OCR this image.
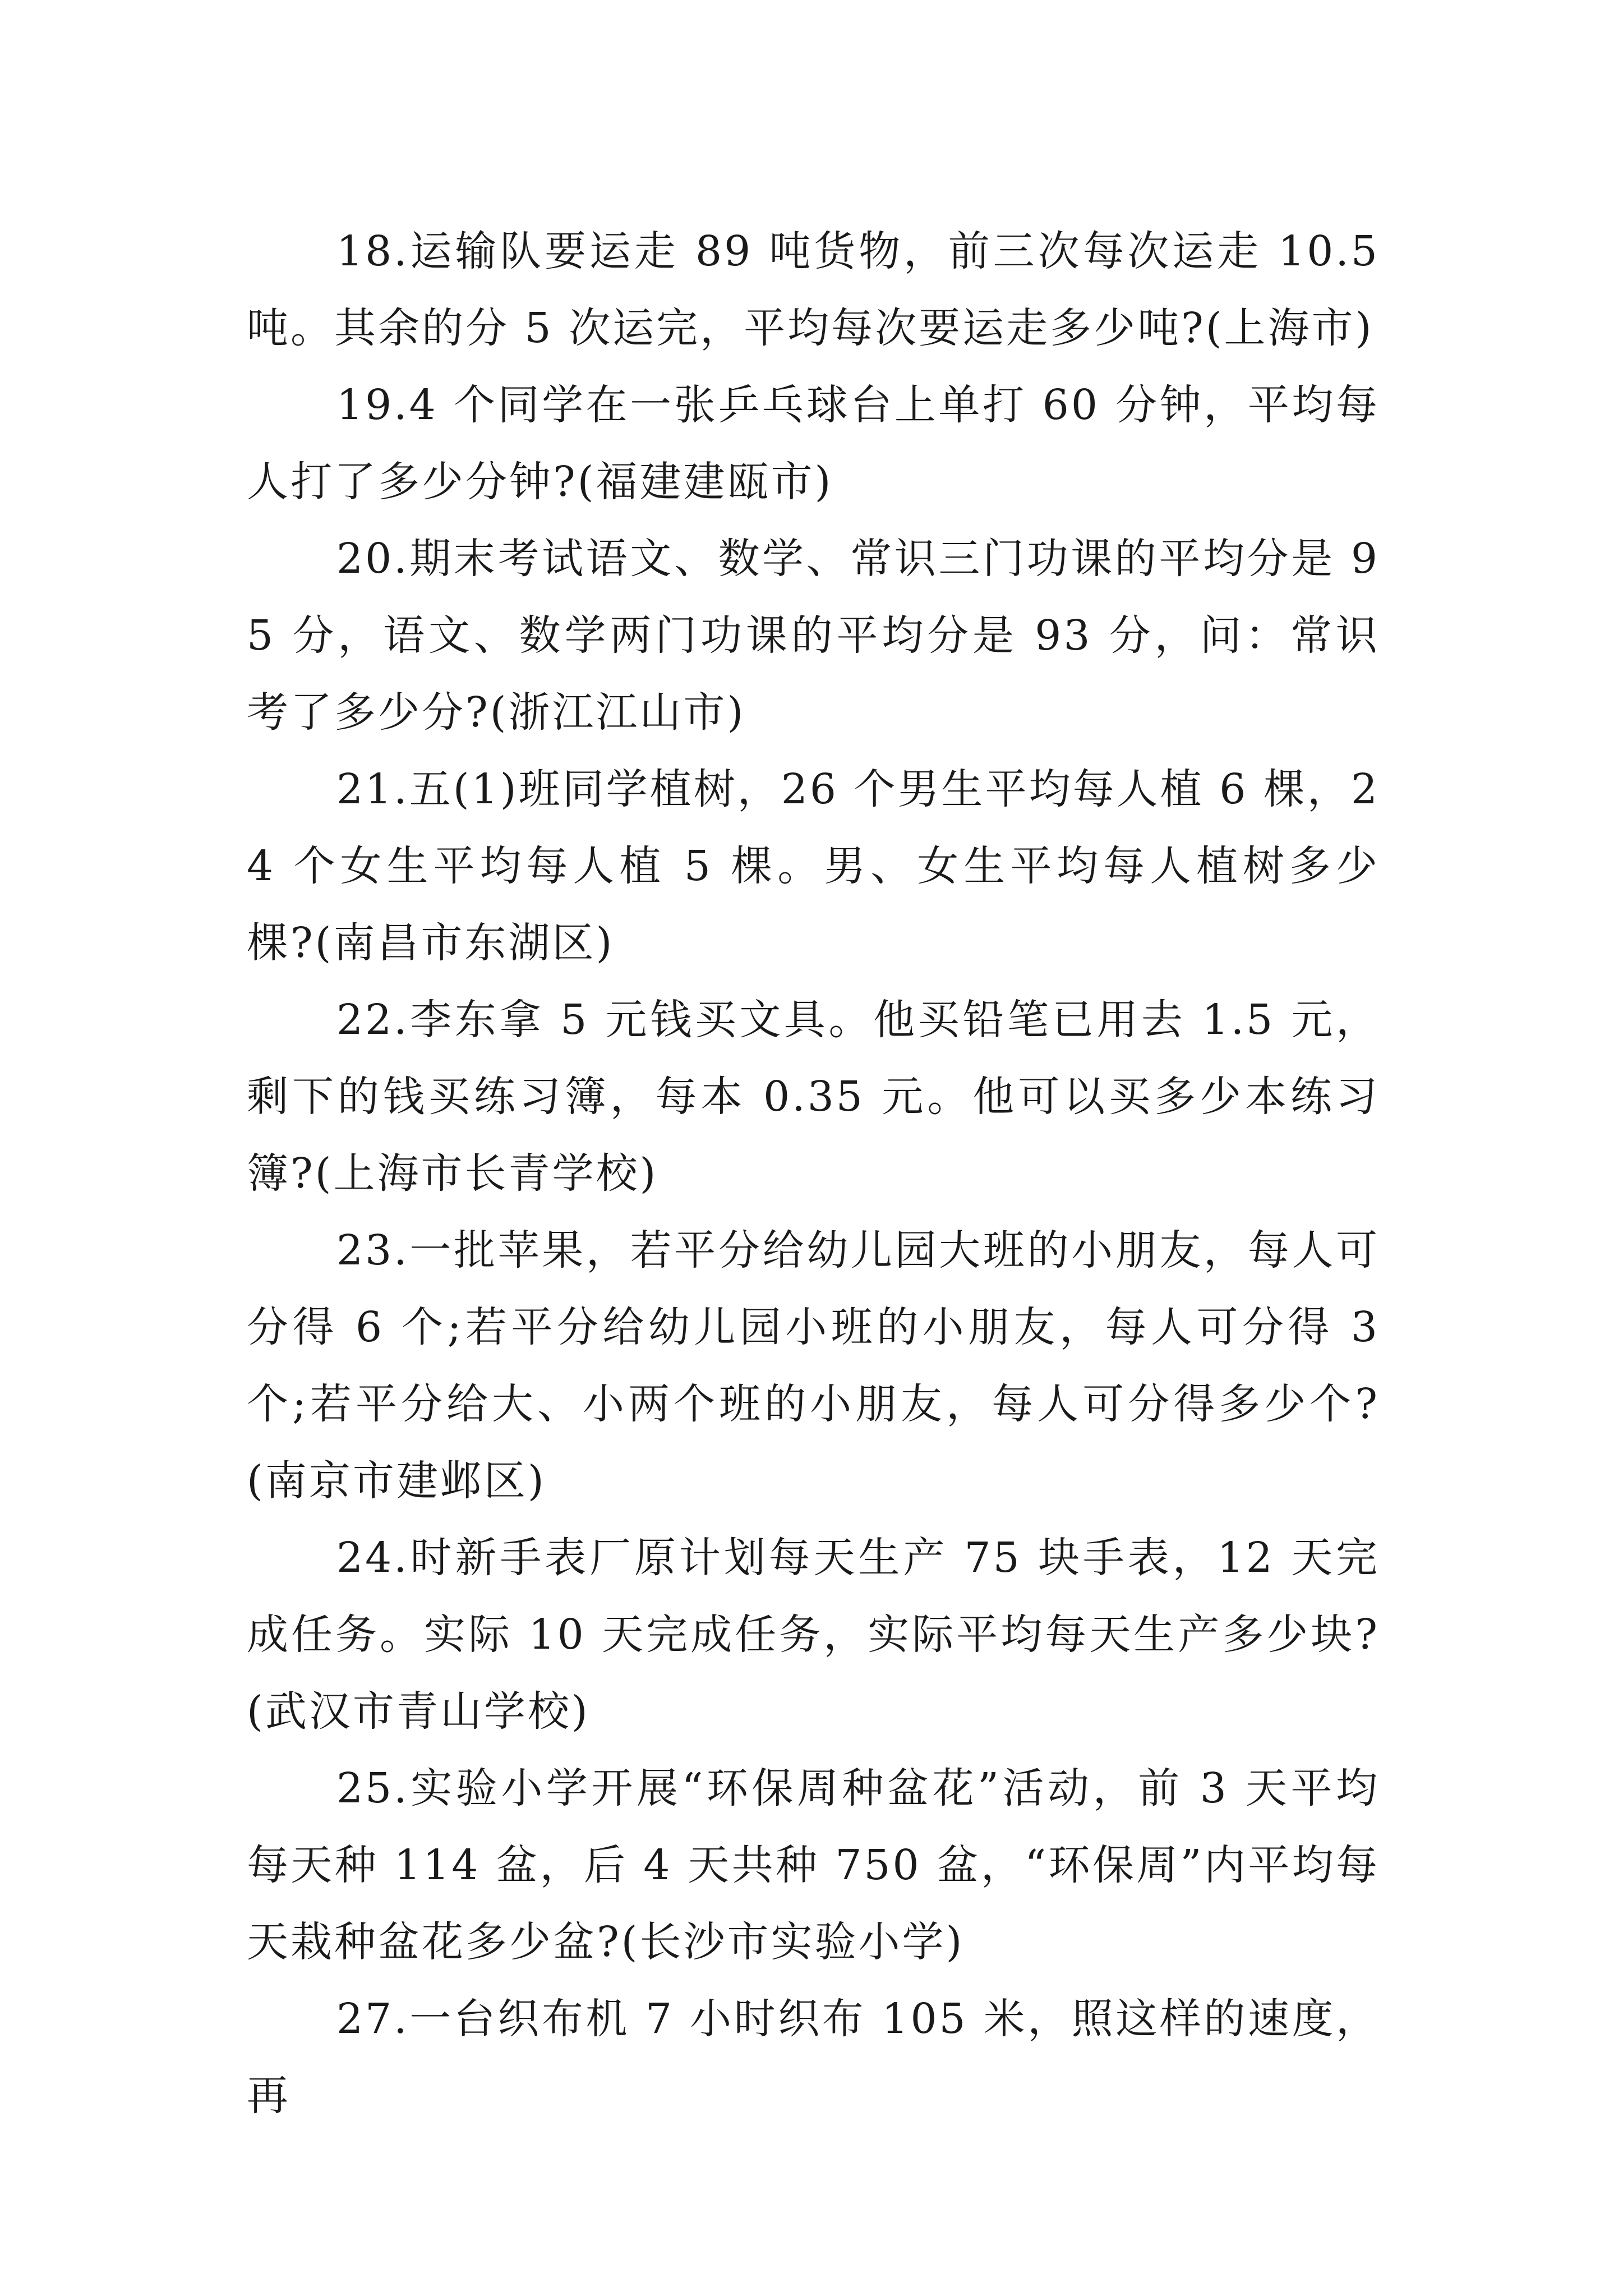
18.运输队要运走 89 吨货物，前三次每次运走 10.5 吨。其余的分 5 次运完，平均每次要运走多少吨?(上海市)

19.4 个同学在一张乒乓球台上单打 60 分钟，平均每人打了多少分钟?(福建建瓯市)

20.期末考试语文、数学、常识三门功课的平均分是 95 分，语文、数学两门功课的平均分是 93 分，问：常识考了多少分?(浙江江山市)

21.五(1)班同学植树，26 个男生平均每人植 6 棵，24 个女生平均每人植 5 棵。男、女生平均每人植树多少棵?(南昌市东湖区)

22.李东拿 5 元钱买文具。他买铅笔已用去 1.5 元，剩下的钱买练习簿，每本 0.35 元。他可以买多少本练习簿?(上海市长青学校)

23.一批苹果，若平分给幼儿园大班的小朋友，每人可分得 6 个;若平分给幼儿园小班的小朋友，每人可分得 3 个;若平分给大、小两个班的小朋友，每人可分得多少个?(南京市建邺区)

24.时新手表厂原计划每天生产 75 块手表，12 天完成任务。实际 10 天完成任务，实际平均每天生产多少块?(武汉市青山学校)

25.实验小学开展“环保周种盆花”活动，前 3 天平均每天种 114 盆，后 4 天共种 750 盆，“环保周”内平均每天栽种盆花多少盆?(长沙市实验小学)

27.一台织布机 7 小时织布 105 米，照这样的速度，再
